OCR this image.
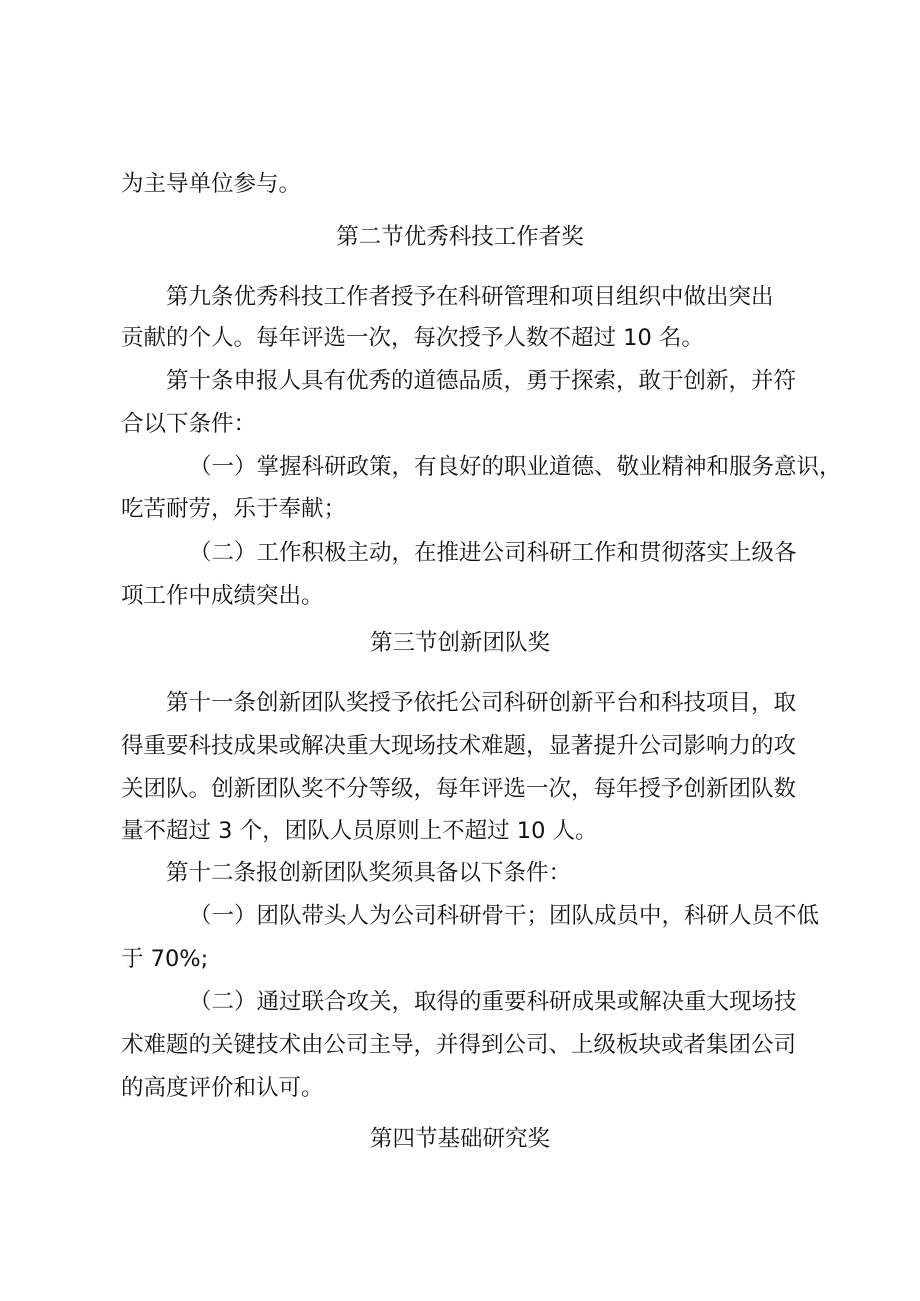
为主导单位参与。
第二节优秀科技工作者奖
第九条优秀科技工作者授予在科研管理和项目组织中做出突出
贡献的个人。每年评选一次，每次授予人数不超过 10 名。
第十条申报人具有优秀的道德品质，勇于探索，敢于创新，并符
合以下条件：
（一）掌握科研政策，有良好的职业道德、敬业精神和服务意识，
吃苦耐劳，乐于奉献；
（二）工作积极主动，在推进公司科研工作和贯彻落实上级各
项工作中成绩突出。
第三节创新团队奖
第十一条创新团队奖授予依托公司科研创新平台和科技项目，取
得重要科技成果或解决重大现场技术难题，显著提升公司影响力的攻
关团队。创新团队奖不分等级，每年评选一次，每年授予创新团队数
量不超过 3 个，团队人员原则上不超过 10 人。
第十二条报创新团队奖须具备以下条件：
（一）团队带头人为公司科研骨干；团队成员中，科研人员不低
于 70%;
（二）通过联合攻关，取得的重要科研成果或解决重大现场技
术难题的关键技术由公司主导，并得到公司、上级板块或者集团公司
的高度评价和认可。
第四节基础研究奖
